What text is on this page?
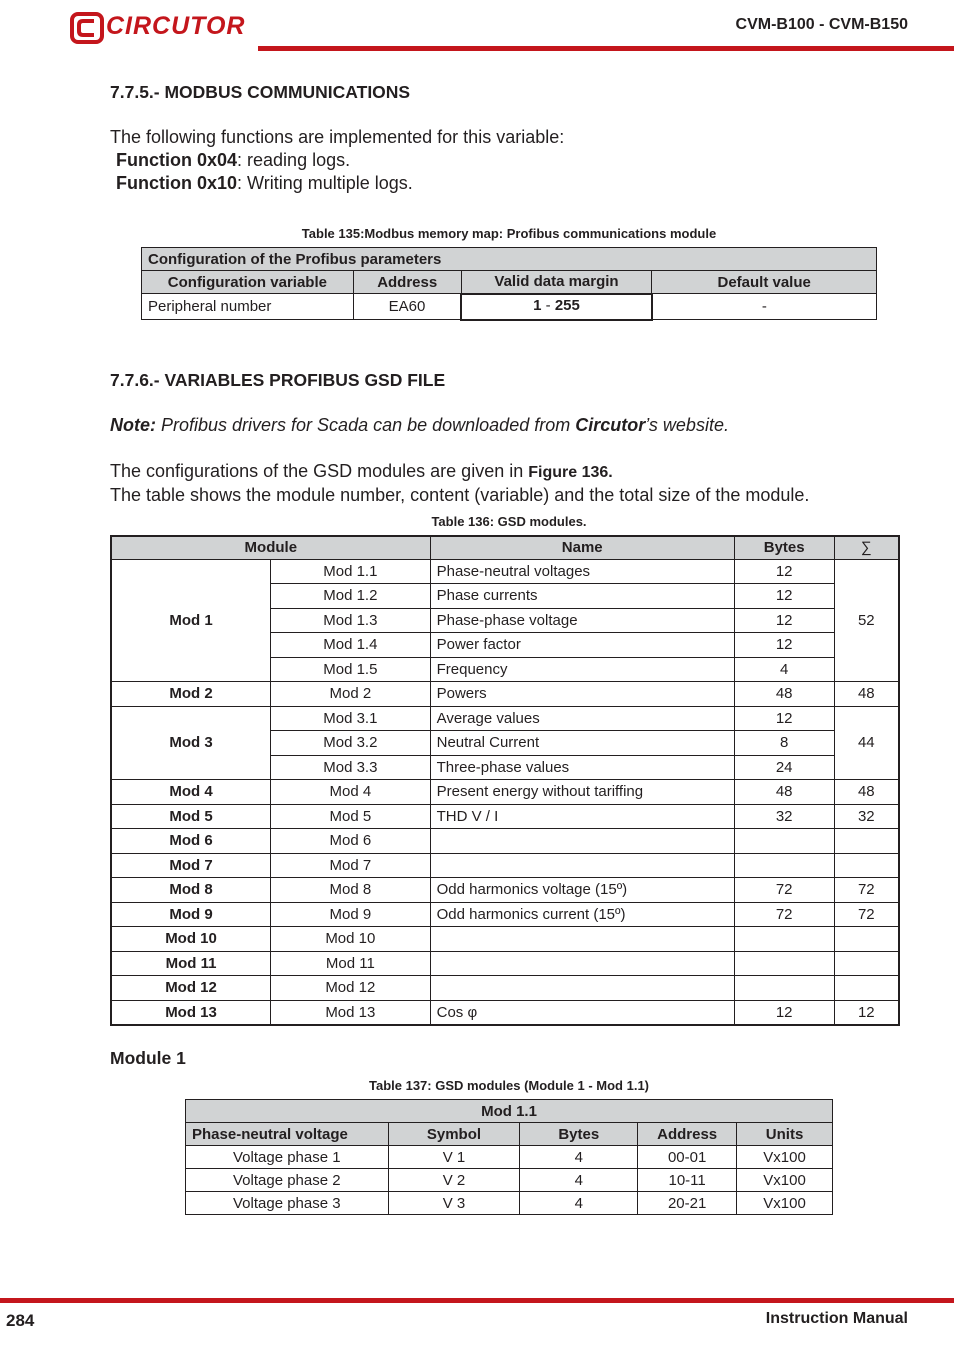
CIRCUTOR	CVM-B100 - CVM-B150
7.7.5.- MODBUS COMMUNICATIONS
The following functions are implemented for this variable:
Function 0x04: reading logs.
Function 0x10: Writing multiple logs.
Table 135:Modbus memory map: Profibus communications module
Configuration of the Profibus parameters			
Configuration variable	Address	Valid data margin	Default value
Peripheral number	EA60	1 - 255	-
7.7.6.- VARIABLES PROFIBUS GSD FILE
Note: Profibus drivers for Scada can be downloaded from Circutor’s website.
The configurations of the GSD modules are given in Figure 136.
The table shows the module number, content (variable) and the total size of the module.
Table 136: GSD modules.
Module		Name	Bytes	∑
Mod 1	Mod 1.1	Phase-neutral voltages	12	52
	Mod 1.2	Phase currents	12	
	Mod 1.3	Phase-phase voltage	12	
	Mod 1.4	Power factor	12	
	Mod 1.5	Frequency	4	
Mod 2	Mod 2	Powers	48	48
Mod 3	Mod 3.1	Average values	12	44
	Mod 3.2	Neutral Current	8	
	Mod 3.3	Three-phase values	24	
Mod 4	Mod 4	Present energy without tariffing	48	48
Mod 5	Mod 5	THD V / I	32	32
Mod 6	Mod 6			
Mod 7	Mod 7			
Mod 8	Mod 8	Odd harmonics voltage (15º)	72	72
Mod 9	Mod 9	Odd harmonics current (15º)	72	72
Mod 10	Mod 10			
Mod 11	Mod 11			
Mod 12	Mod 12			
Mod 13	Mod 13	Cos φ	12	12
Module 1
Table 137: GSD modules (Module 1 - Mod 1.1)
Mod 1.1				
Phase-neutral voltage	Symbol	Bytes	Address	Units
Voltage phase 1	V 1	4	00-01	Vx100
Voltage phase 2	V 2	4	10-11	Vx100
Voltage phase 3	V 3	4	20-21	Vx100
284	Instruction Manual
